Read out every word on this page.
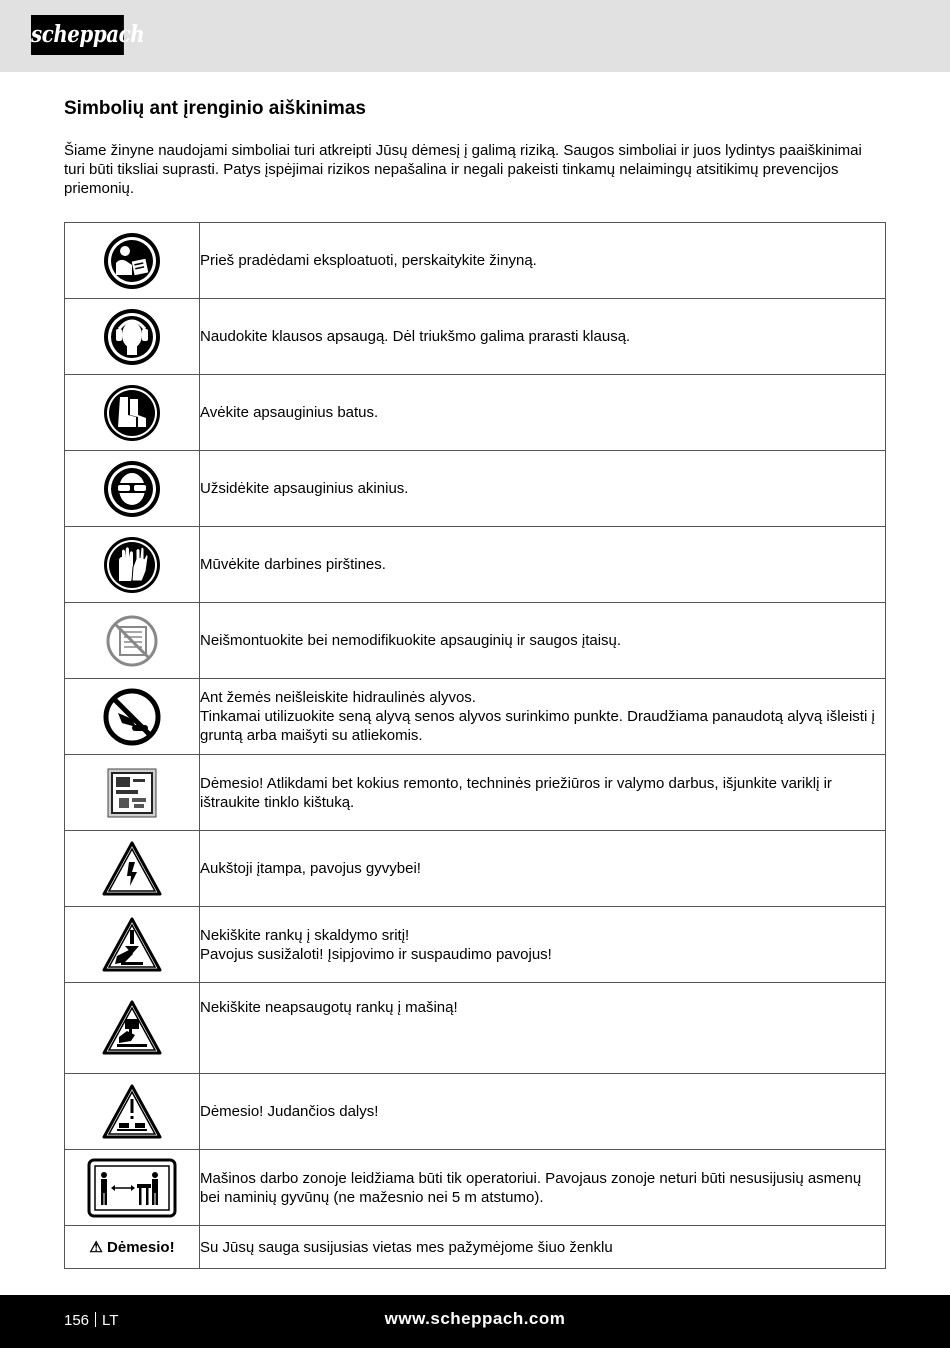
scheppach
Simbolių ant įrenginio aiškinimas

Šiame žinyne naudojami simboliai turi atkreipti Jūsų dėmesį į galimą riziką. Saugos simboliai ir juos lydintys paaiškinimai turi būti tiksliai suprasti. Patys įspėjimai rizikos nepašalina ir negali pakeisti tinkamų nelaimingų atsitikimų prevencijos priemonių.

Prieš pradėdami eksploatuoti, perskaitykite žinyną.

Naudokite klausos apsaugą. Dėl triukšmo galima prarasti klausą.

Avėkite apsauginius batus.

Užsidėkite apsauginius akinius.

Mūvėkite darbines pirštines.

Neišmontuokite bei nemodifikuokite apsauginių ir saugos įtaisų.

Ant žemės neišleiskite hidraulinės alyvos.
Tinkamai utilizuokite seną alyvą senos alyvos surinkimo punkte. Draudžiama panaudotą alyvą išleisti į gruntą arba maišyti su atliekomis.

Dėmesio! Atlikdami bet kokius remonto, techninės priežiūros ir valymo darbus, išjunkite variklį ir ištraukite tinklo kištuką.

Aukštoji įtampa, pavojus gyvybei!

Nekiškite rankų į skaldymo sritį!
Pavojus susižaloti! Įsipjovimo ir suspaudimo pavojus!

Nekiškite neapsaugotų rankų į mašiną!

Dėmesio! Judančios dalys!

Mašinos darbo zonoje leidžiama būti tik operatoriui. Pavojaus zonoje neturi būti nesusijusių asmenų bei naminių gyvūnų (ne mažesnio nei 5 m atstumo).

⚠ Dėmesio!	Su Jūsų sauga susijusias vietas mes pažymėjome šiuo ženklu
156 LT	www.scheppach.com
